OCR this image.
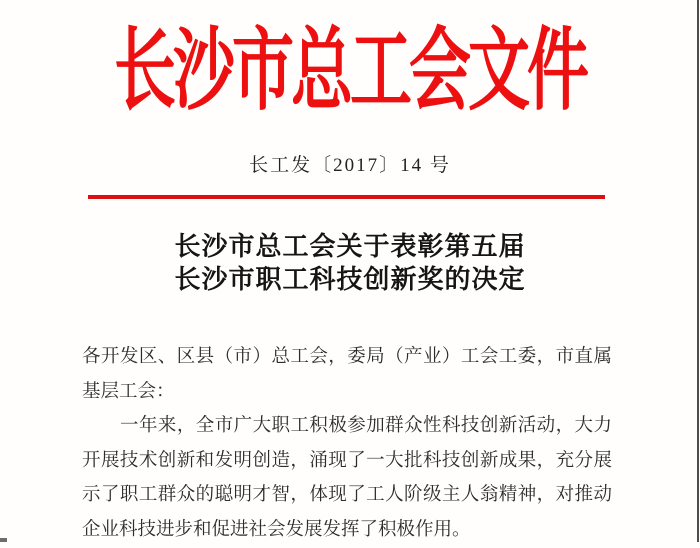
长沙市总工会文件
长工发〔2017〕14 号
长沙市总工会关于表彰第五届
长沙市职工科技创新奖的决定
各开发区、区县（市）总工会，委局（产业）工会工委，市直属
基层工会：
一年来，全市广大职工积极参加群众性科技创新活动，大力
开展技术创新和发明创造，涌现了一大批科技创新成果，充分展
示了职工群众的聪明才智，体现了工人阶级主人翁精神，对推动
企业科技进步和促进社会发展发挥了积极作用。
